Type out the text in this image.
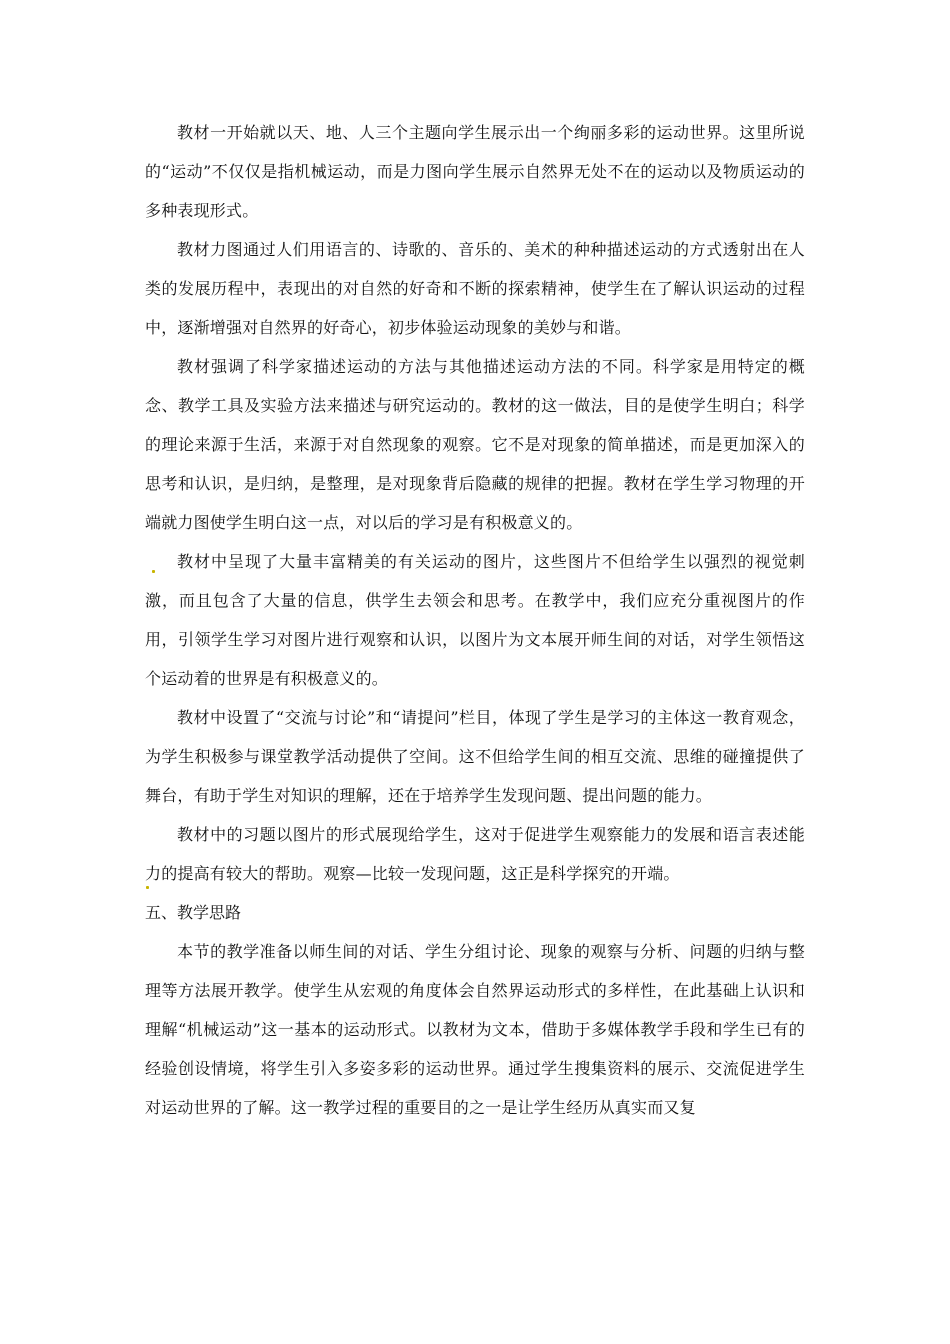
教材一开始就以天、地、人三个主题向学生展示出一个绚丽多彩的运动世界。这里所说的“运动”不仅仅是指机械运动，而是力图向学生展示自然界无处不在的运动以及物质运动的多种表现形式。

教材力图通过人们用语言的、诗歌的、音乐的、美术的种种描述运动的方式透射出在人类的发展历程中，表现出的对自然的好奇和不断的探索精神，使学生在了解认识运动的过程中，逐渐增强对自然界的好奇心，初步体验运动现象的美妙与和谐。

教材强调了科学家描述运动的方法与其他描述运动方法的不同。科学家是用特定的概念、教学工具及实验方法来描述与研究运动的。教材的这一做法，目的是使学生明白；科学的理论来源于生活，来源于对自然现象的观察。它不是对现象的简单描述，而是更加深入的思考和认识，是归纳，是整理，是对现象背后隐藏的规律的把握。教材在学生学习物理的开端就力图使学生明白这一点，对以后的学习是有积极意义的。

教材中呈现了大量丰富精美的有关运动的图片，这些图片不但给学生以强烈的视觉刺激，而且包含了大量的信息，供学生去领会和思考。在教学中，我们应充分重视图片的作用，引领学生学习对图片进行观察和认识，以图片为文本展开师生间的对话，对学生领悟这个运动着的世界是有积极意义的。

教材中设置了“交流与讨论”和“请提问”栏目，体现了学生是学习的主体这一教育观念，为学生积极参与课堂教学活动提供了空间。这不但给学生间的相互交流、思维的碰撞提供了舞台，有助于学生对知识的理解，还在于培养学生发现问题、提出问题的能力。

教材中的习题以图片的形式展现给学生，这对于促进学生观察能力的发展和语言表述能力的提高有较大的帮助。观察—比较一发现问题，这正是科学探究的开端。

五、教学思路

本节的教学准备以师生间的对话、学生分组讨论、现象的观察与分析、问题的归纳与整理等方法展开教学。使学生从宏观的角度体会自然界运动形式的多样性，在此基础上认识和理解“机械运动”这一基本的运动形式。以教材为文本，借助于多媒体教学手段和学生已有的经验创设情境，将学生引入多姿多彩的运动世界。通过学生搜集资料的展示、交流促进学生对运动世界的了解。这一教学过程的重要目的之一是让学生经历从真实而又复
